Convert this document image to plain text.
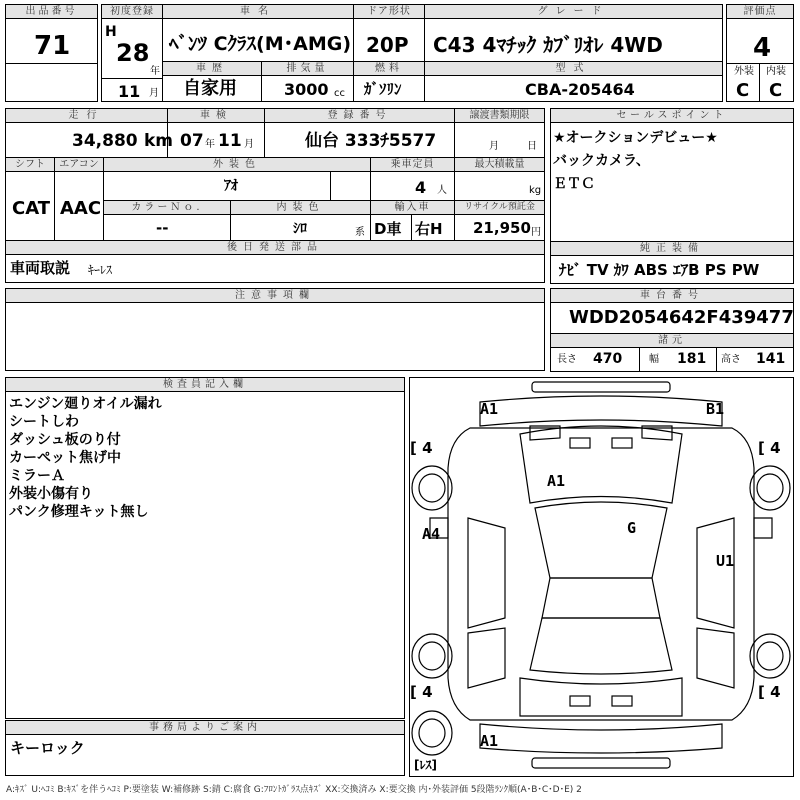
出品番号
71
初度登録
H
28
年
11 月
車名
ﾍﾞﾝﾂ Cｸﾗｽ(M･AMG)
ドア形状
20P
グレード
C43 4ﾏﾁｯｸ ｶﾌﾞﾘｵﾚ 4WD
評価点
4
外装 内装
C C
車歴
自家用
排気量
3000 cc
燃料
ｶﾞｿﾘﾝ
型式
CBA-205464
走行
34,880 km
車検
07 年 11 月
登録番号
仙台 333ﾁ5577
譲渡書類期限
月	日
シフト
CAT
エアコン
AAC
外装色
ｱｵ
乗車定員
4 人
最大積載量
kg
カラーＮｏ.
--
内装色
ｼﾛ	系
輸入車
D車 右H
リサイクル預託金
21,950 円
後日発送部品
車両取説 ｷｰﾚｽ
セールスポイント
★オークションデビュー★
バックカメラ、
ＥＴＣ
純正装備
ﾅﾋﾞ TV ｶﾜ ABS ｴｱB PS PW
注意事項欄	車台番号
WDD2054642F439477
諸元
長さ 470	幅 181 高さ 141
検査員記入欄
エンジン廻りオイル漏れ
シートしわ
ダッシュ板のり付
カーペット焦げ中
ミラーＡ
外装小傷有り
パンク修理キット無し
事務局よりご案内
キーロック
A1	B1
A1
G
A4
U1
A1
[ 4	[ 4
[ 4	[ 4
[ﾚｽ]
A:ｷｽﾞ U:ﾍｺﾐ B:ｷｽﾞを伴うﾍｺﾐ P:要塗装 W:補修跡 S:錆 C:腐食 G:ﾌﾛﾝﾄｶﾞﾗｽ点ｷｽﾞ XX:交換済み X:要交換 内･外装評価 5段階ﾗﾝｸ順(A･B･C･D･E) 2
